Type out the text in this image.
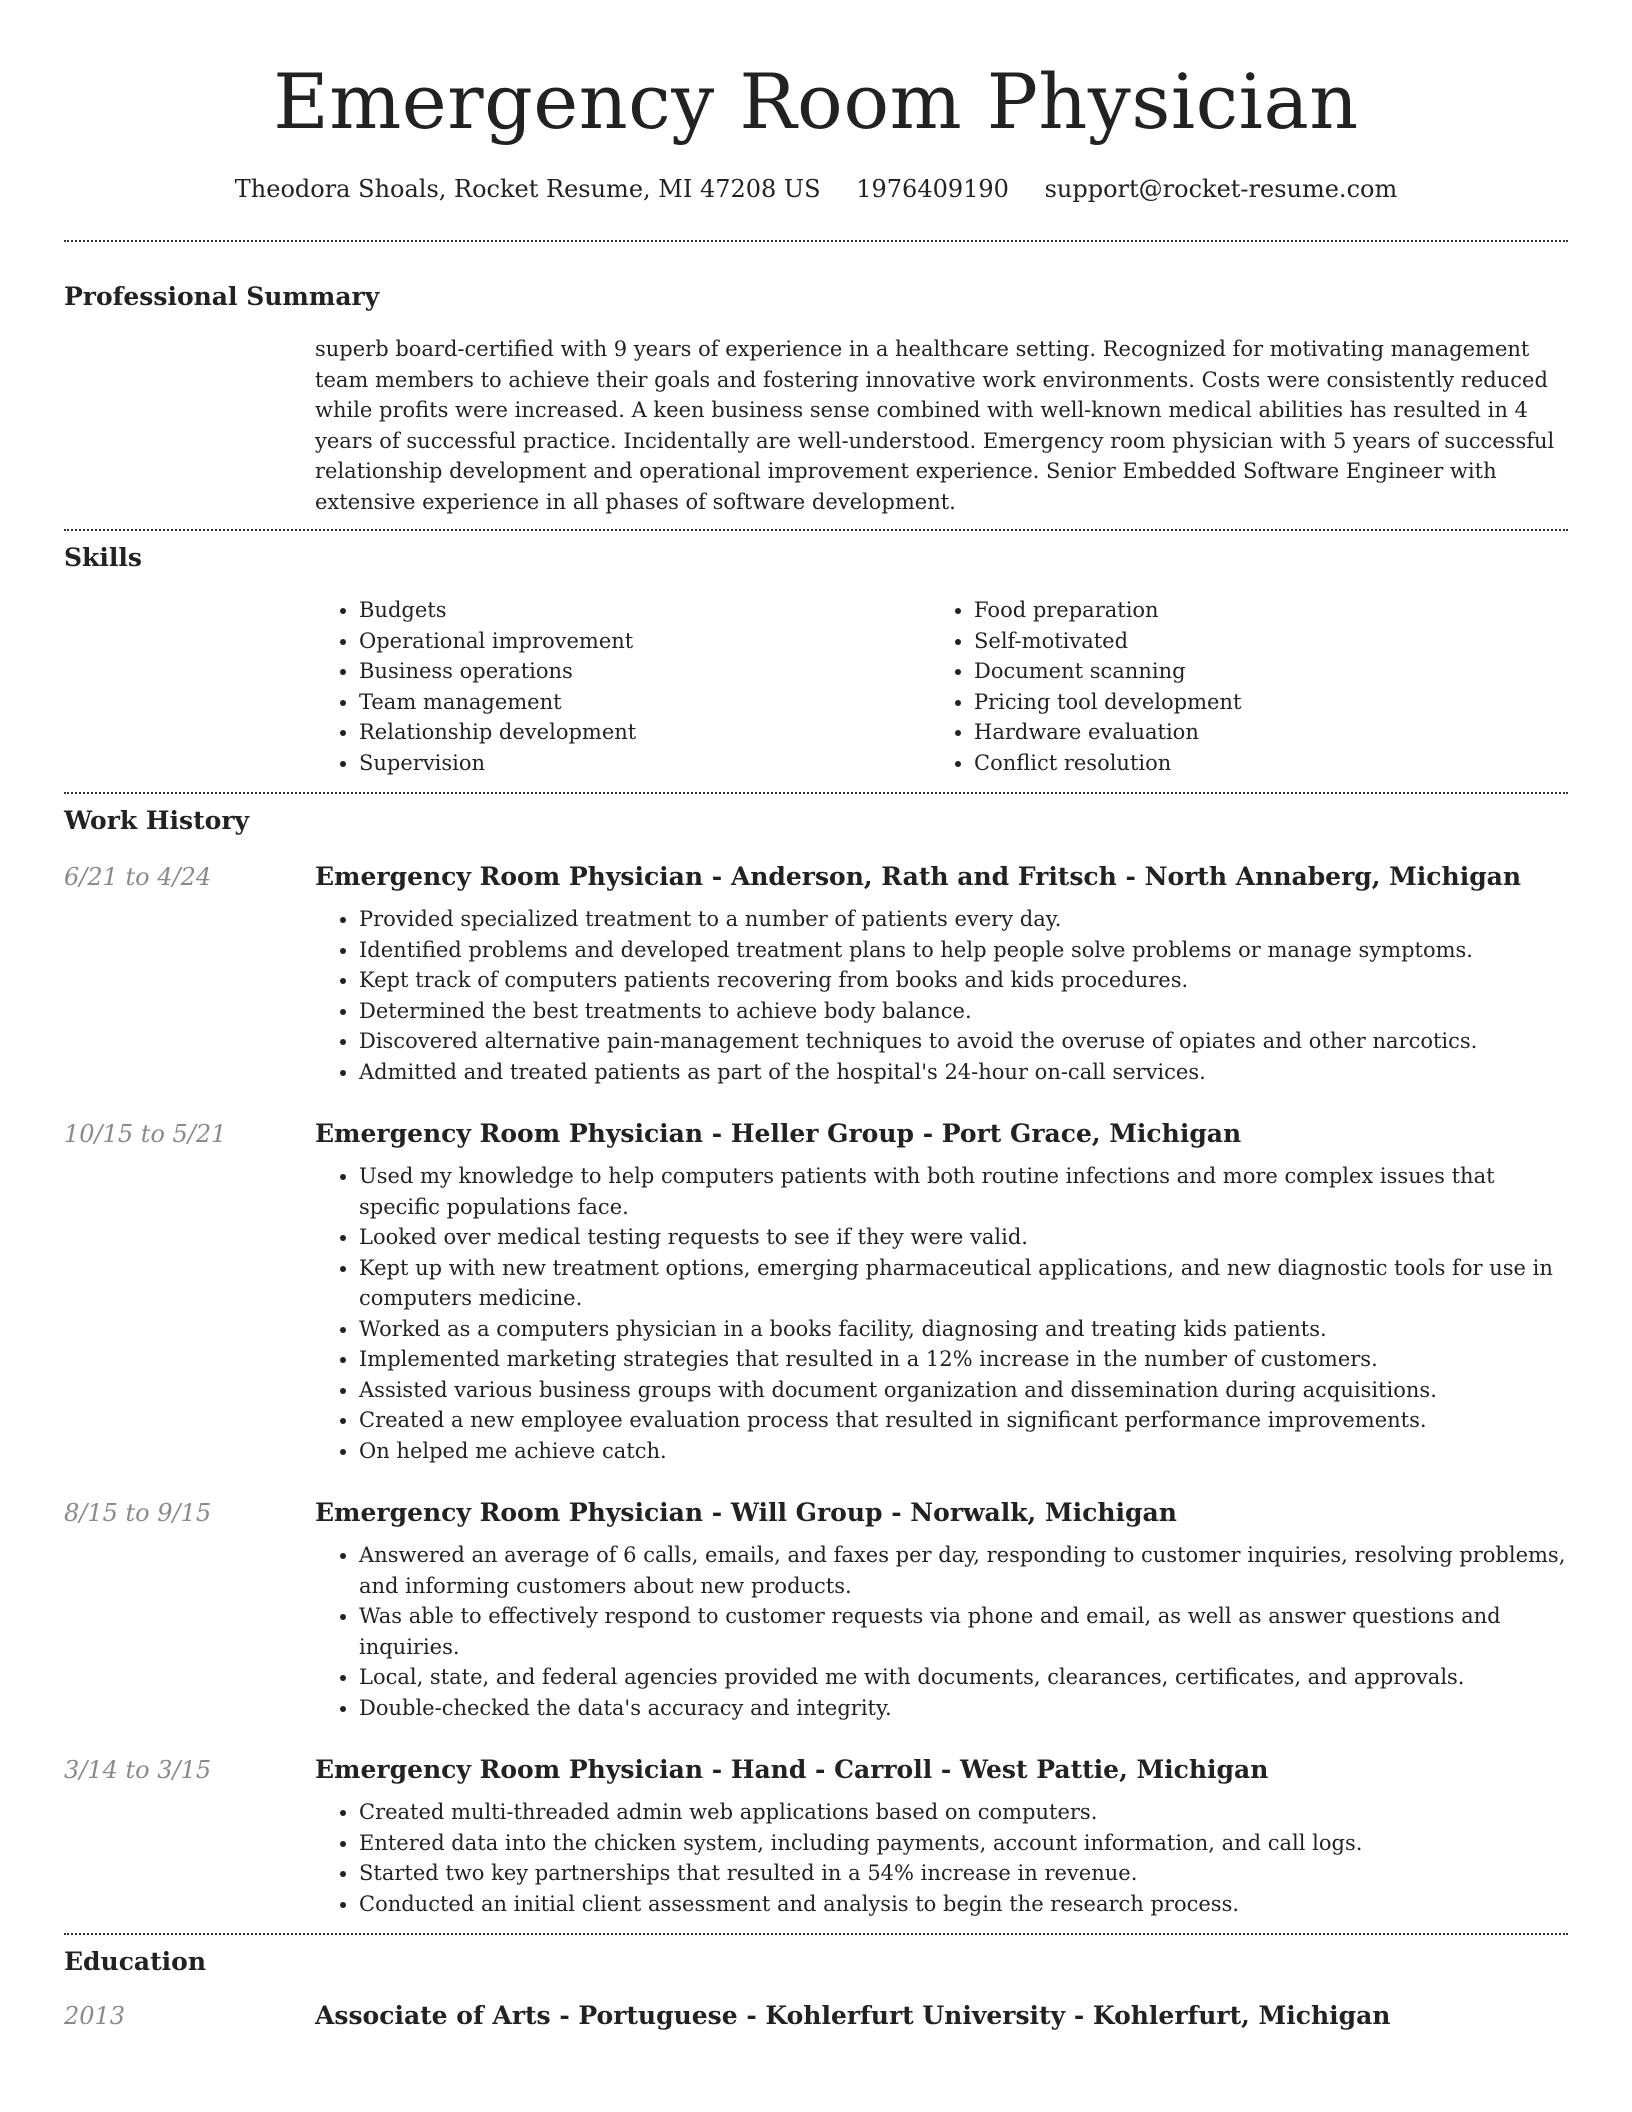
Emergency Room Physician
Theodora Shoals, Rocket Resume, MI 47208 US 1976409190 support@rocket-resume.com
Professional Summary

superb board-certified with 9 years of experience in a healthcare setting. Recognized for motivating management team members to achieve their goals and fostering innovative work environments. Costs were consistently reduced while profits were increased. A keen business sense combined with well-known medical abilities has resulted in 4 years of successful practice. Incidentally are well-understood. Emergency room physician with 5 years of successful relationship development and operational improvement experience. Senior Embedded Software Engineer with extensive experience in all phases of software development.

Skills
• Budgets
• Operational improvement
• Business operations
• Team management
• Relationship development
• Supervision
• Food preparation
• Self-motivated
• Document scanning
• Pricing tool development
• Hardware evaluation
• Conflict resolution
Work History
6/21 to 4/24	Emergency Room Physician - Anderson, Rath and Fritsch - North Annaberg, Michigan
• Provided specialized treatment to a number of patients every day.
• Identified problems and developed treatment plans to help people solve problems or manage symptoms.
• Kept track of computers patients recovering from books and kids procedures.
• Determined the best treatments to achieve body balance.
• Discovered alternative pain-management techniques to avoid the overuse of opiates and other narcotics.
• Admitted and treated patients as part of the hospital's 24-hour on-call services.
10/15 to 5/21	Emergency Room Physician - Heller Group - Port Grace, Michigan
• Used my knowledge to help computers patients with both routine infections and more complex issues that specific populations face.
• Looked over medical testing requests to see if they were valid.
• Kept up with new treatment options, emerging pharmaceutical applications, and new diagnostic tools for use in computers medicine.
• Worked as a computers physician in a books facility, diagnosing and treating kids patients.
• Implemented marketing strategies that resulted in a 12% increase in the number of customers.
• Assisted various business groups with document organization and dissemination during acquisitions.
• Created a new employee evaluation process that resulted in significant performance improvements.
• On helped me achieve catch.
8/15 to 9/15	Emergency Room Physician - Will Group - Norwalk, Michigan
• Answered an average of 6 calls, emails, and faxes per day, responding to customer inquiries, resolving problems, and informing customers about new products.
• Was able to effectively respond to customer requests via phone and email, as well as answer questions and inquiries.
• Local, state, and federal agencies provided me with documents, clearances, certificates, and approvals.
• Double-checked the data's accuracy and integrity.
3/14 to 3/15	Emergency Room Physician - Hand - Carroll - West Pattie, Michigan
• Created multi-threaded admin web applications based on computers.
• Entered data into the chicken system, including payments, account information, and call logs.
• Started two key partnerships that resulted in a 54% increase in revenue.
• Conducted an initial client assessment and analysis to begin the research process.
Education
2013	Associate of Arts - Portuguese - Kohlerfurt University - Kohlerfurt, Michigan
